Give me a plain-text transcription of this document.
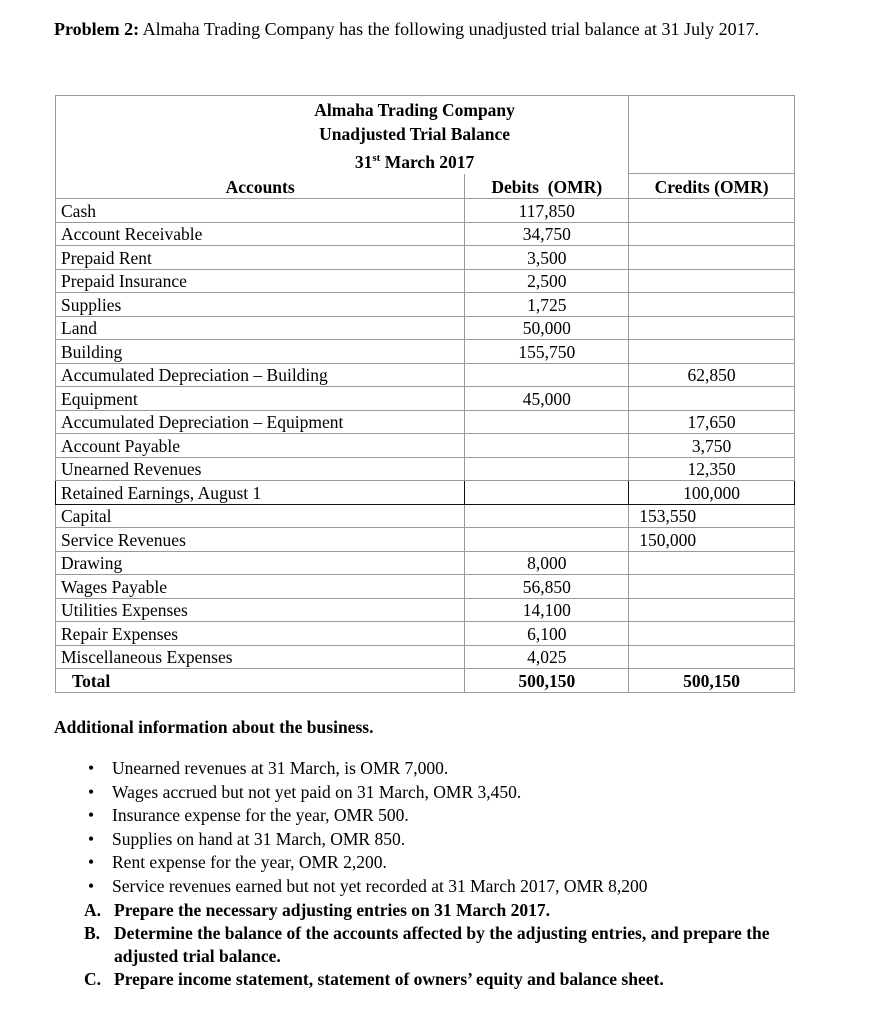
Problem 2: Almaha Trading Company has the following unadjusted trial balance at 31 July 2017.
Almaha Trading Company
Unadjusted Trial Balance
31st March 2017		

Accounts	Debits  (OMR)	Credits (OMR)
Cash	117,850	
Account Receivable	34,750	
Prepaid Rent	3,500	
Prepaid Insurance	2,500	
Supplies	1,725	
Land	50,000	
Building	155,750	
Accumulated Depreciation – Building		62,850
Equipment	45,000	
Accumulated Depreciation – Equipment		17,650
Account Payable		3,750
Unearned Revenues		12,350
Retained Earnings, August 1		100,000
Capital		153,550
Service Revenues		150,000
Drawing	8,000	
Wages Payable	56,850	
Utilities Expenses	14,100	
Repair Expenses	6,100	
Miscellaneous Expenses	4,025	
Total	500,150	500,150
Additional information about the business.
• Unearned revenues at 31 March, is OMR 7,000.
• Wages accrued but not yet paid on 31 March, OMR 3,450.
• Insurance expense for the year, OMR 500.
• Supplies on hand at 31 March, OMR 850.
• Rent expense for the year, OMR 2,200.
• Service revenues earned but not yet recorded at 31 March 2017, OMR 8,200
A. Prepare the necessary adjusting entries on 31 March 2017.
B. Determine the balance of the accounts affected by the adjusting entries, and prepare the adjusted trial balance.
C. Prepare income statement, statement of owners’ equity and balance sheet.
